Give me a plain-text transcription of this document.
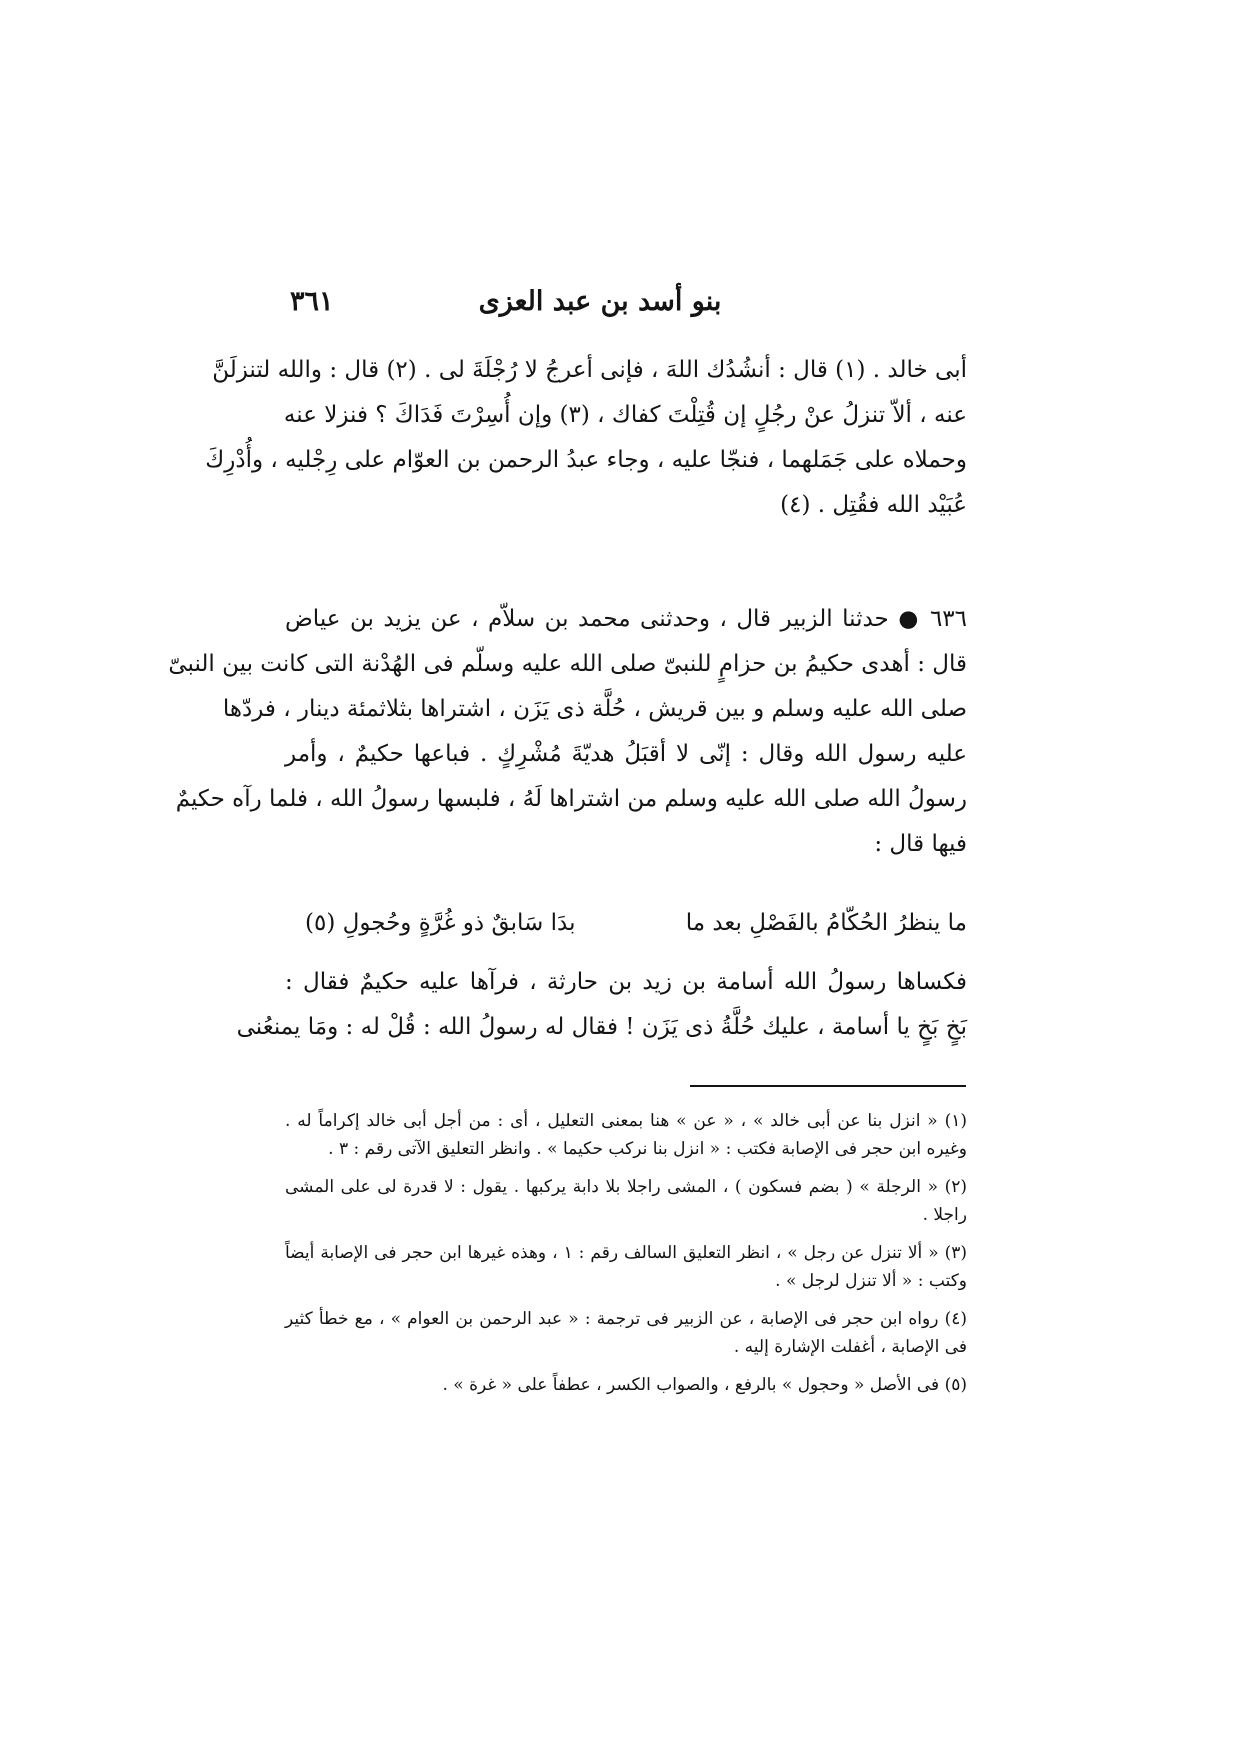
بنو أسد بن عبد العزى
٣٦١
أبى خالد . (١) قال : أنشُدُك اللهَ ، فإنى أعرجُ لا رُجْلَةَ لى . (٢) قال : والله لتنزلَنَّ
عنه ، ألاّ تنزلُ عنْ رجُلٍ إن قُتِلْتَ كفاك ، (٣) وإن أُسِرْتَ فَدَاكَ ؟ فنزلا عنه
وحملاه على جَمَلهما ، فنجّا عليه ، وجاء عبدُ الرحمن بن العوّام على رِجْليه ، وأُدْرِكَ
عُبَيْد الله فقُتِل . (٤)
٦٣٦ ● حدثنا الزبير قال ، وحدثنى محمد بن سلاّم ، عن يزيد بن عياض
قال : أهدى حكيمُ بن حزامٍ للنبىّ صلى الله عليه وسلّم فى الهُدْنة التى كانت بين النبىّ
صلى الله عليه وسلم و بين قريش ، حُلَّة ذى يَزَن ، اشتراها بثلاثمئة دينار ، فردّها
عليه رسول الله وقال : إنّى لا أقبَلُ هديّةَ مُشْرِكٍ . فباعها حكيمٌ ، وأمر
رسولُ الله صلى الله عليه وسلم من اشتراها لَهُ ، فلبسها رسولُ الله ، فلما رآه حكيمٌ
فيها قال :
ما ينظرُ الحُكّامُ بالفَصْلِ بعد ما
بدَا سَابقٌ ذو غُرَّةٍ وحُجولِ (٥)
فكساها رسولُ الله أسامة بن زيد بن حارثة ، فرآها عليه حكيمٌ فقال :
بَخٍ بَخٍ يا أسامة ، عليك حُلَّةُ ذى يَزَن ! فقال له رسولُ الله : قُلْ له : ومَا يمنعُنى

(١) « انزل بنا عن أبى خالد » ، « عن » هنا بمعنى التعليل ، أى : من أجل أبى خالد إكراماً له . وغيره ابن حجر فى الإصابة فكتب : « انزل بنا نركب حكيما » . وانظر التعليق الآتى رقم : ٣ .

(٢) « الرجلة » ( بضم فسكون ) ، المشى راجلا بلا دابة يركبها . يقول : لا قدرة لى على المشى راجلا .

(٣) « ألا تنزل عن رجل » ، انظر التعليق السالف رقم : ١ ، وهذه غيرها ابن حجر فى الإصابة أيضاً وكتب : « ألا تنزل لرجل » .

(٤) رواه ابن حجر فى الإصابة ، عن الزبير فى ترجمة : « عبد الرحمن بن العوام » ، مع خطأ كثير فى الإصابة ، أغفلت الإشارة إليه .

(٥) فى الأصل « وحجول » بالرفع ، والصواب الكسر ، عطفاً على « غرة » .
